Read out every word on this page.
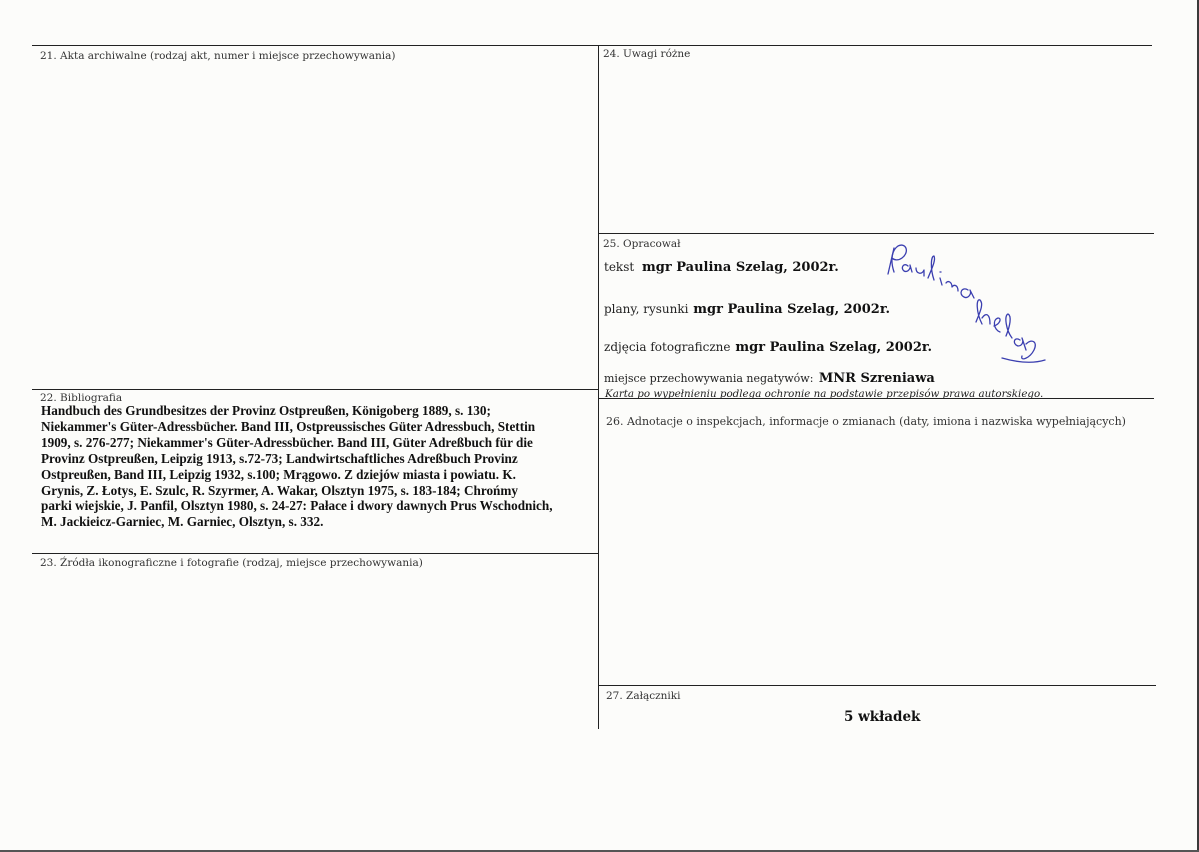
21. Akta archiwalne (rodzaj akt, numer i miejsce przechowywania)
22. Bibliografia
Handbuch des Grundbesitzes der Provinz Ostpreußen, Königoberg 1889, s. 130;
Niekammer's Güter-Adressbücher. Band III, Ostpreussisches Güter Adressbuch, Stettin
1909, s. 276-277; Niekammer's Güter-Adressbücher. Band III, Güter Adreßbuch für die
Provinz Ostpreußen, Leipzig 1913, s.72-73; Landwirtschaftliches Adreßbuch Provinz
Ostpreußen, Band III, Leipzig 1932, s.100; Mrągowo. Z dziejów miasta i powiatu. K.
Grynis, Z. Łotys, E. Szulc, R. Szyrmer, A. Wakar, Olsztyn 1975, s. 183-184; Chrońmy
parki wiejskie, J. Panfil, Olsztyn 1980, s. 24-27: Pałace i dwory dawnych Prus Wschodnich,
M. Jackieicz-Garniec, M. Garniec, Olsztyn, s. 332.
23. Źródła ikonograficzne i fotografie (rodzaj, miejsce przechowywania)
24. Uwagi różne
25. Opracował
tekst mgr Paulina Szelag, 2002r.
plany, rysunki mgr Paulina Szelag, 2002r.
zdjęcia fotograficzne mgr Paulina Szelag, 2002r.
miejsce przechowywania negatywów: MNR Szreniawa
Karta po wypełnieniu podlega ochronie na podstawie przepisów prawa autorskiego.
26. Adnotacje o inspekcjach, informacje o zmianach (daty, imiona i nazwiska wypełniających)
27. Załączniki
5 wkładek
